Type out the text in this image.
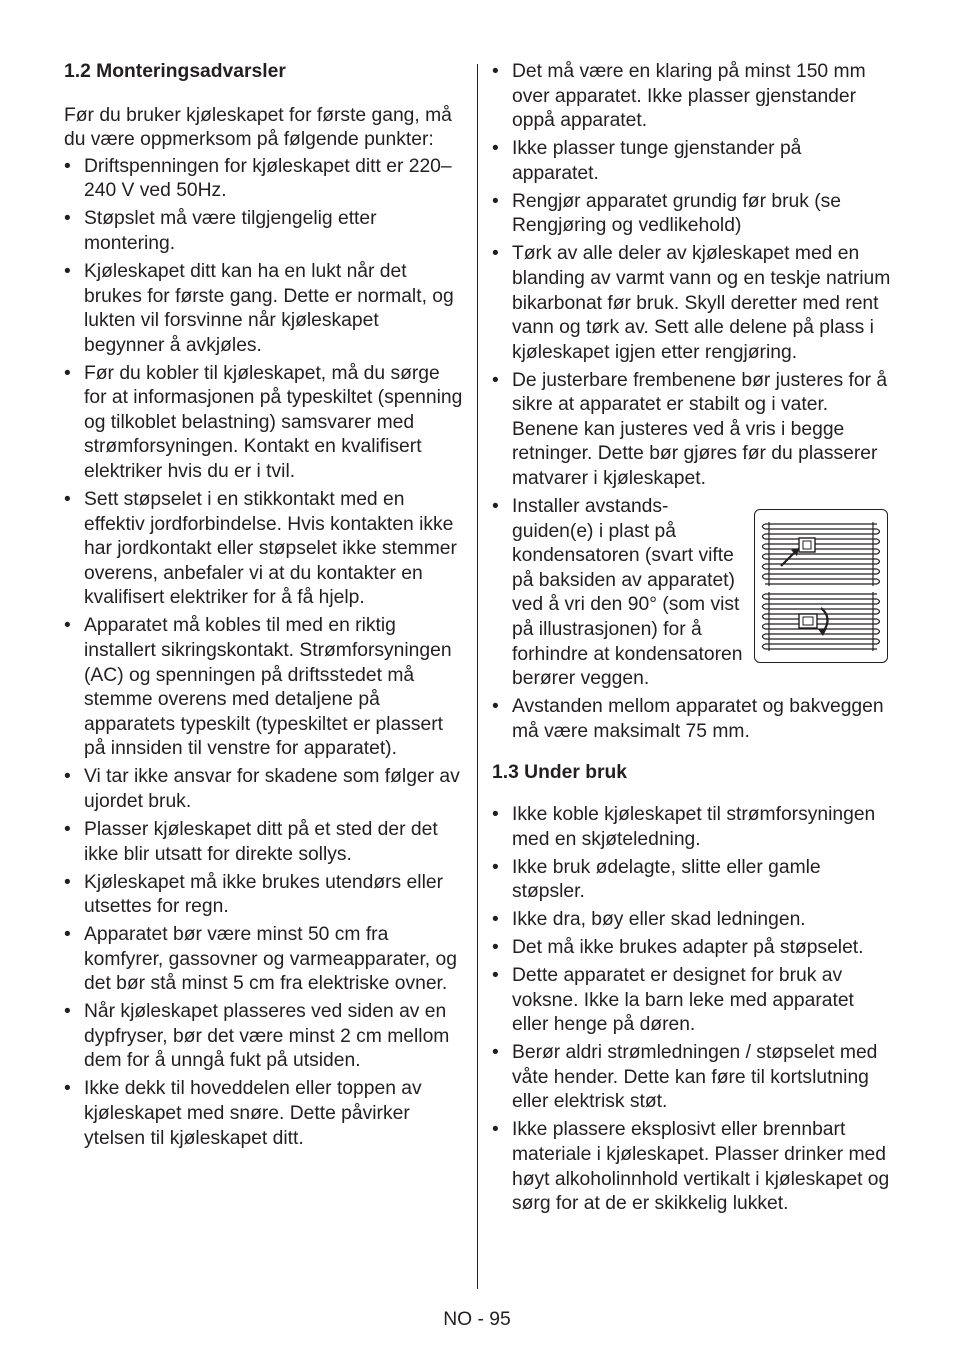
1.2 Monteringsadvarsler
Før du bruker kjøleskapet for første gang, må du være oppmerksom på følgende punkter:
• Driftspenningen for kjøleskapet ditt er 220–240 V ved 50Hz.
• Støpslet må være tilgjengelig etter montering.
• Kjøleskapet ditt kan ha en lukt når det brukes for første gang. Dette er normalt, og lukten vil forsvinne når kjøleskapet begynner å avkjøles.
• Før du kobler til kjøleskapet, må du sørge for at informasjonen på typeskiltet (spenning og tilkoblet belastning) samsvarer med strømforsyningen. Kontakt en kvalifisert elektriker hvis du er i tvil.
• Sett støpselet i en stikkontakt med en effektiv jordforbindelse. Hvis kontakten ikke har jordkontakt eller støpselet ikke stemmer overens, anbefaler vi at du kontakter en kvalifisert elektriker for å få hjelp.
• Apparatet må kobles til med en riktig installert sikringskontakt. Strømforsyningen (AC) og spenningen på driftsstedet må stemme overens med detaljene på apparatets typeskilt (typeskiltet er plassert på innsiden til venstre for apparatet).
• Vi tar ikke ansvar for skadene som følger av ujordet bruk.
• Plasser kjøleskapet ditt på et sted der det ikke blir utsatt for direkte sollys.
• Kjøleskapet må ikke brukes utendørs eller utsettes for regn.
• Apparatet bør være minst 50 cm fra komfyrer, gassovner og varmeapparater, og det bør stå minst 5 cm fra elektriske ovner.
• Når kjøleskapet plasseres ved siden av en dypfryser, bør det være minst 2 cm mellom dem for å unngå fukt på utsiden.
• Ikke dekk til hoveddelen eller toppen av kjøleskapet med snøre. Dette påvirker ytelsen til kjøleskapet ditt.
• Det må være en klaring på minst 150 mm over apparatet. Ikke plasser gjenstander oppå apparatet.
• Ikke plasser tunge gjenstander på apparatet.
• Rengjør apparatet grundig før bruk (se Rengjøring og vedlikehold)
• Tørk av alle deler av kjøleskapet med en blanding av varmt vann og en teskje natrium bikarbonat før bruk. Skyll deretter med rent vann og tørk av. Sett alle delene på plass i kjøleskapet igjen etter rengjøring.
• De justerbare frembenene bør justeres for å sikre at apparatet er stabilt og i vater. Benene kan justeres ved å vris i begge retninger. Dette bør gjøres før du plasserer matvarer i kjøleskapet.
• Installer avstands-guiden(e) i plast på kondensatoren (svart vifte på baksiden av apparatet) ved å vri den 90° (som vist på illustrasjonen) for å forhindre at kondensatoren berører veggen.
• Avstanden mellom apparatet og bakveggen må være maksimalt 75 mm.
1.3 Under bruk
• Ikke koble kjøleskapet til strømforsyningen med en skjøteledning.
• Ikke bruk ødelagte, slitte eller gamle støpsler.
• Ikke dra, bøy eller skad ledningen.
• Det må ikke brukes adapter på støpselet.
• Dette apparatet er designet for bruk av voksne. Ikke la barn leke med apparatet eller henge på døren.
• Berør aldri strømledningen / støpselet med våte hender. Dette kan føre til kortslutning eller elektrisk støt.
• Ikke plassere eksplosivt eller brennbart materiale i kjøleskapet. Plasser drinker med høyt alkoholinnhold vertikalt i kjøleskapet og sørg for at de er skikkelig lukket.
NO - 95
